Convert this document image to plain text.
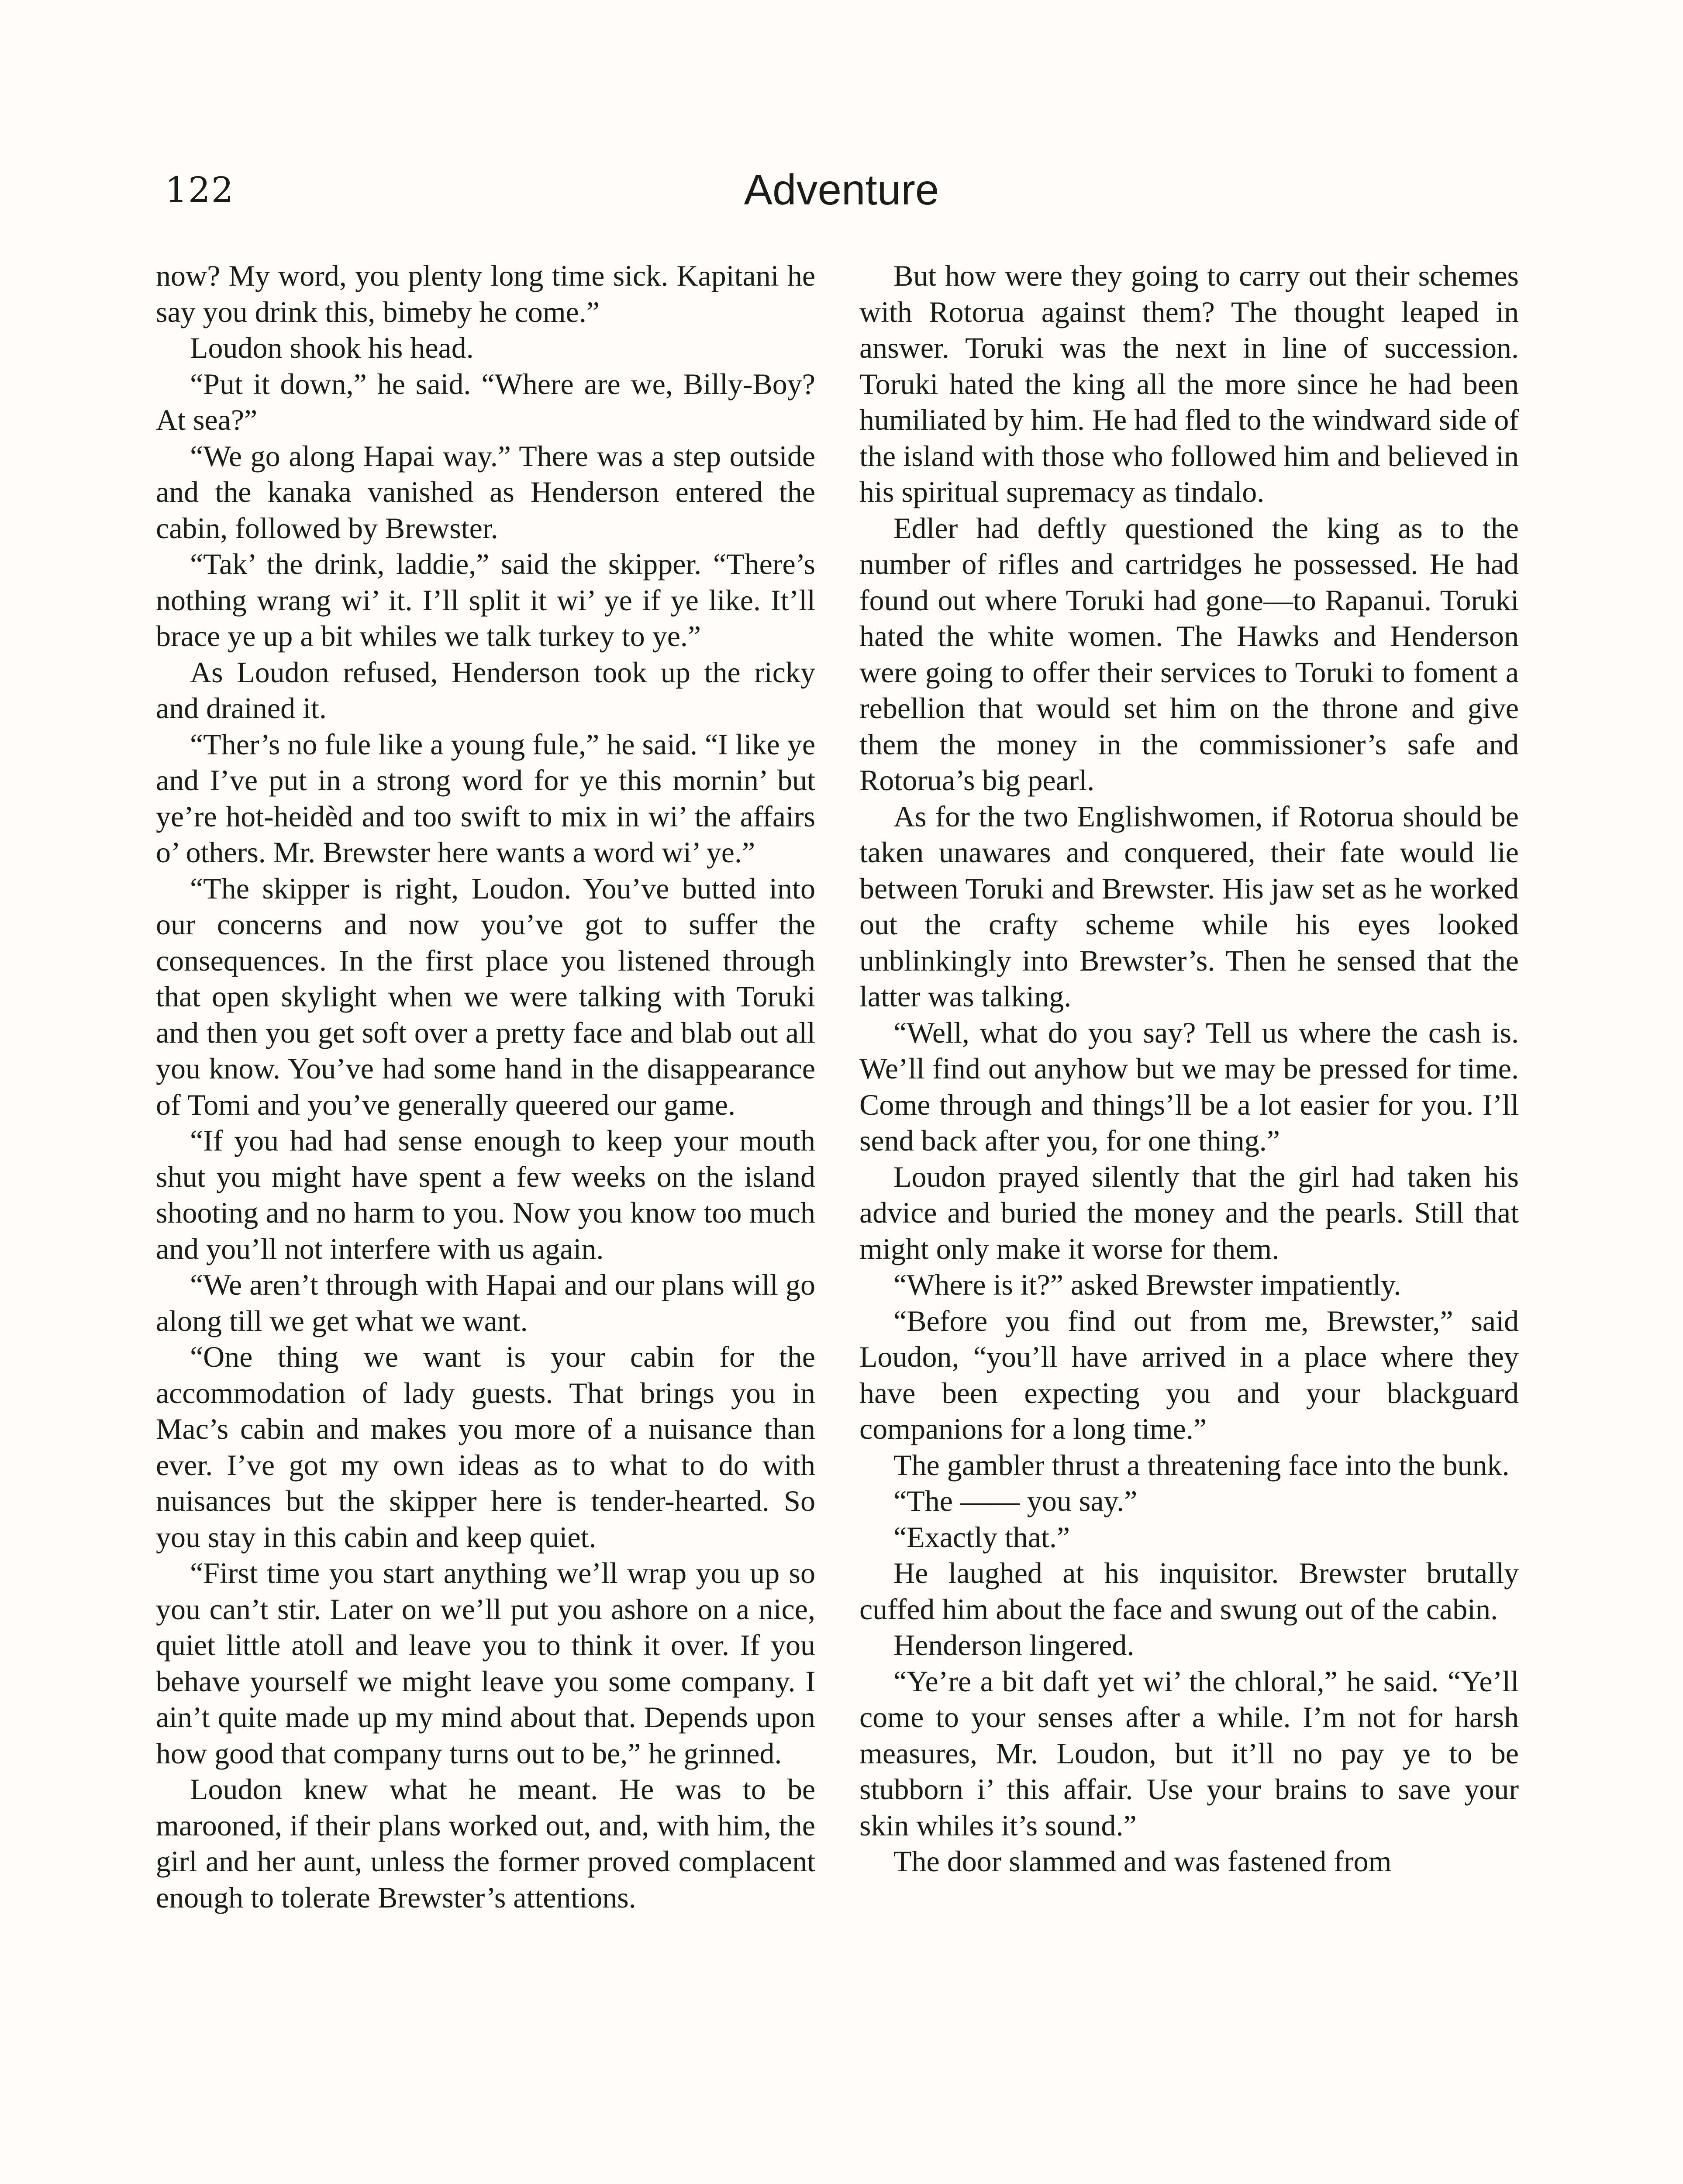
122	Adventure

now? My word, you plenty long time sick. Kapitani he say you drink this, bimeby he come.”

Loudon shook his head.

“Put it down,” he said. “Where are we, Billy-Boy? At sea?”

“We go along Hapai way.” There was a step outside and the kanaka vanished as Henderson entered the cabin, followed by Brewster.

“Tak’ the drink, laddie,” said the skipper. “There’s nothing wrang wi’ it. I’ll split it wi’ ye if ye like. It’ll brace ye up a bit whiles we talk turkey to ye.”

As Loudon refused, Henderson took up the ricky and drained it.

“Ther’s no fule like a young fule,” he said. “I like ye and I’ve put in a strong word for ye this mornin’ but ye’re hot-heidèd and too swift to mix in wi’ the affairs o’ others. Mr. Brewster here wants a word wi’ ye.”

“The skipper is right, Loudon. You’ve butted into our concerns and now you’ve got to suffer the consequences. In the first place you listened through that open skylight when we were talking with Toruki and then you get soft over a pretty face and blab out all you know. You’ve had some hand in the disappearance of Tomi and you’ve generally queered our game.

“If you had had sense enough to keep your mouth shut you might have spent a few weeks on the island shooting and no harm to you. Now you know too much and you’ll not interfere with us again.

“We aren’t through with Hapai and our plans will go along till we get what we want.

“One thing we want is your cabin for the accommodation of lady guests. That brings you in Mac’s cabin and makes you more of a nuisance than ever. I’ve got my own ideas as to what to do with nuisances but the skipper here is tender-hearted. So you stay in this cabin and keep quiet.

“First time you start anything we’ll wrap you up so you can’t stir. Later on we’ll put you ashore on a nice, quiet little atoll and leave you to think it over. If you behave yourself we might leave you some company. I ain’t quite made up my mind about that. Depends upon how good that company turns out to be,” he grinned.

Loudon knew what he meant. He was to be marooned, if their plans worked out, and, with him, the girl and her aunt, unless the former proved complacent enough to tolerate Brewster’s attentions.

But how were they going to carry out their schemes with Rotorua against them? The thought leaped in answer. Toruki was the next in line of succession. Toruki hated the king all the more since he had been humiliated by him. He had fled to the windward side of the island with those who followed him and believed in his spiritual supremacy as tindalo.

Edler had deftly questioned the king as to the number of rifles and cartridges he possessed. He had found out where Toruki had gone—to Rapanui. Toruki hated the white women. The Hawks and Henderson were going to offer their services to Toruki to foment a rebellion that would set him on the throne and give them the money in the commissioner’s safe and Rotorua’s big pearl.

As for the two Englishwomen, if Rotorua should be taken unawares and conquered, their fate would lie between Toruki and Brewster. His jaw set as he worked out the crafty scheme while his eyes looked unblinkingly into Brewster’s. Then he sensed that the latter was talking.

“Well, what do you say? Tell us where the cash is. We’ll find out anyhow but we may be pressed for time. Come through and things’ll be a lot easier for you. I’ll send back after you, for one thing.”

Loudon prayed silently that the girl had taken his advice and buried the money and the pearls. Still that might only make it worse for them.

“Where is it?” asked Brewster impatiently.

“Before you find out from me, Brewster,” said Loudon, “you’ll have arrived in a place where they have been expecting you and your blackguard companions for a long time.”

The gambler thrust a threatening face into the bunk.

“The —— you say.”

“Exactly that.”

He laughed at his inquisitor. Brewster brutally cuffed him about the face and swung out of the cabin.

Henderson lingered.

“Ye’re a bit daft yet wi’ the chloral,” he said. “Ye’ll come to your senses after a while. I’m not for harsh measures, Mr. Loudon, but it’ll no pay ye to be stubborn i’ this affair. Use your brains to save your skin whiles it’s sound.”

The door slammed and was fastened from
